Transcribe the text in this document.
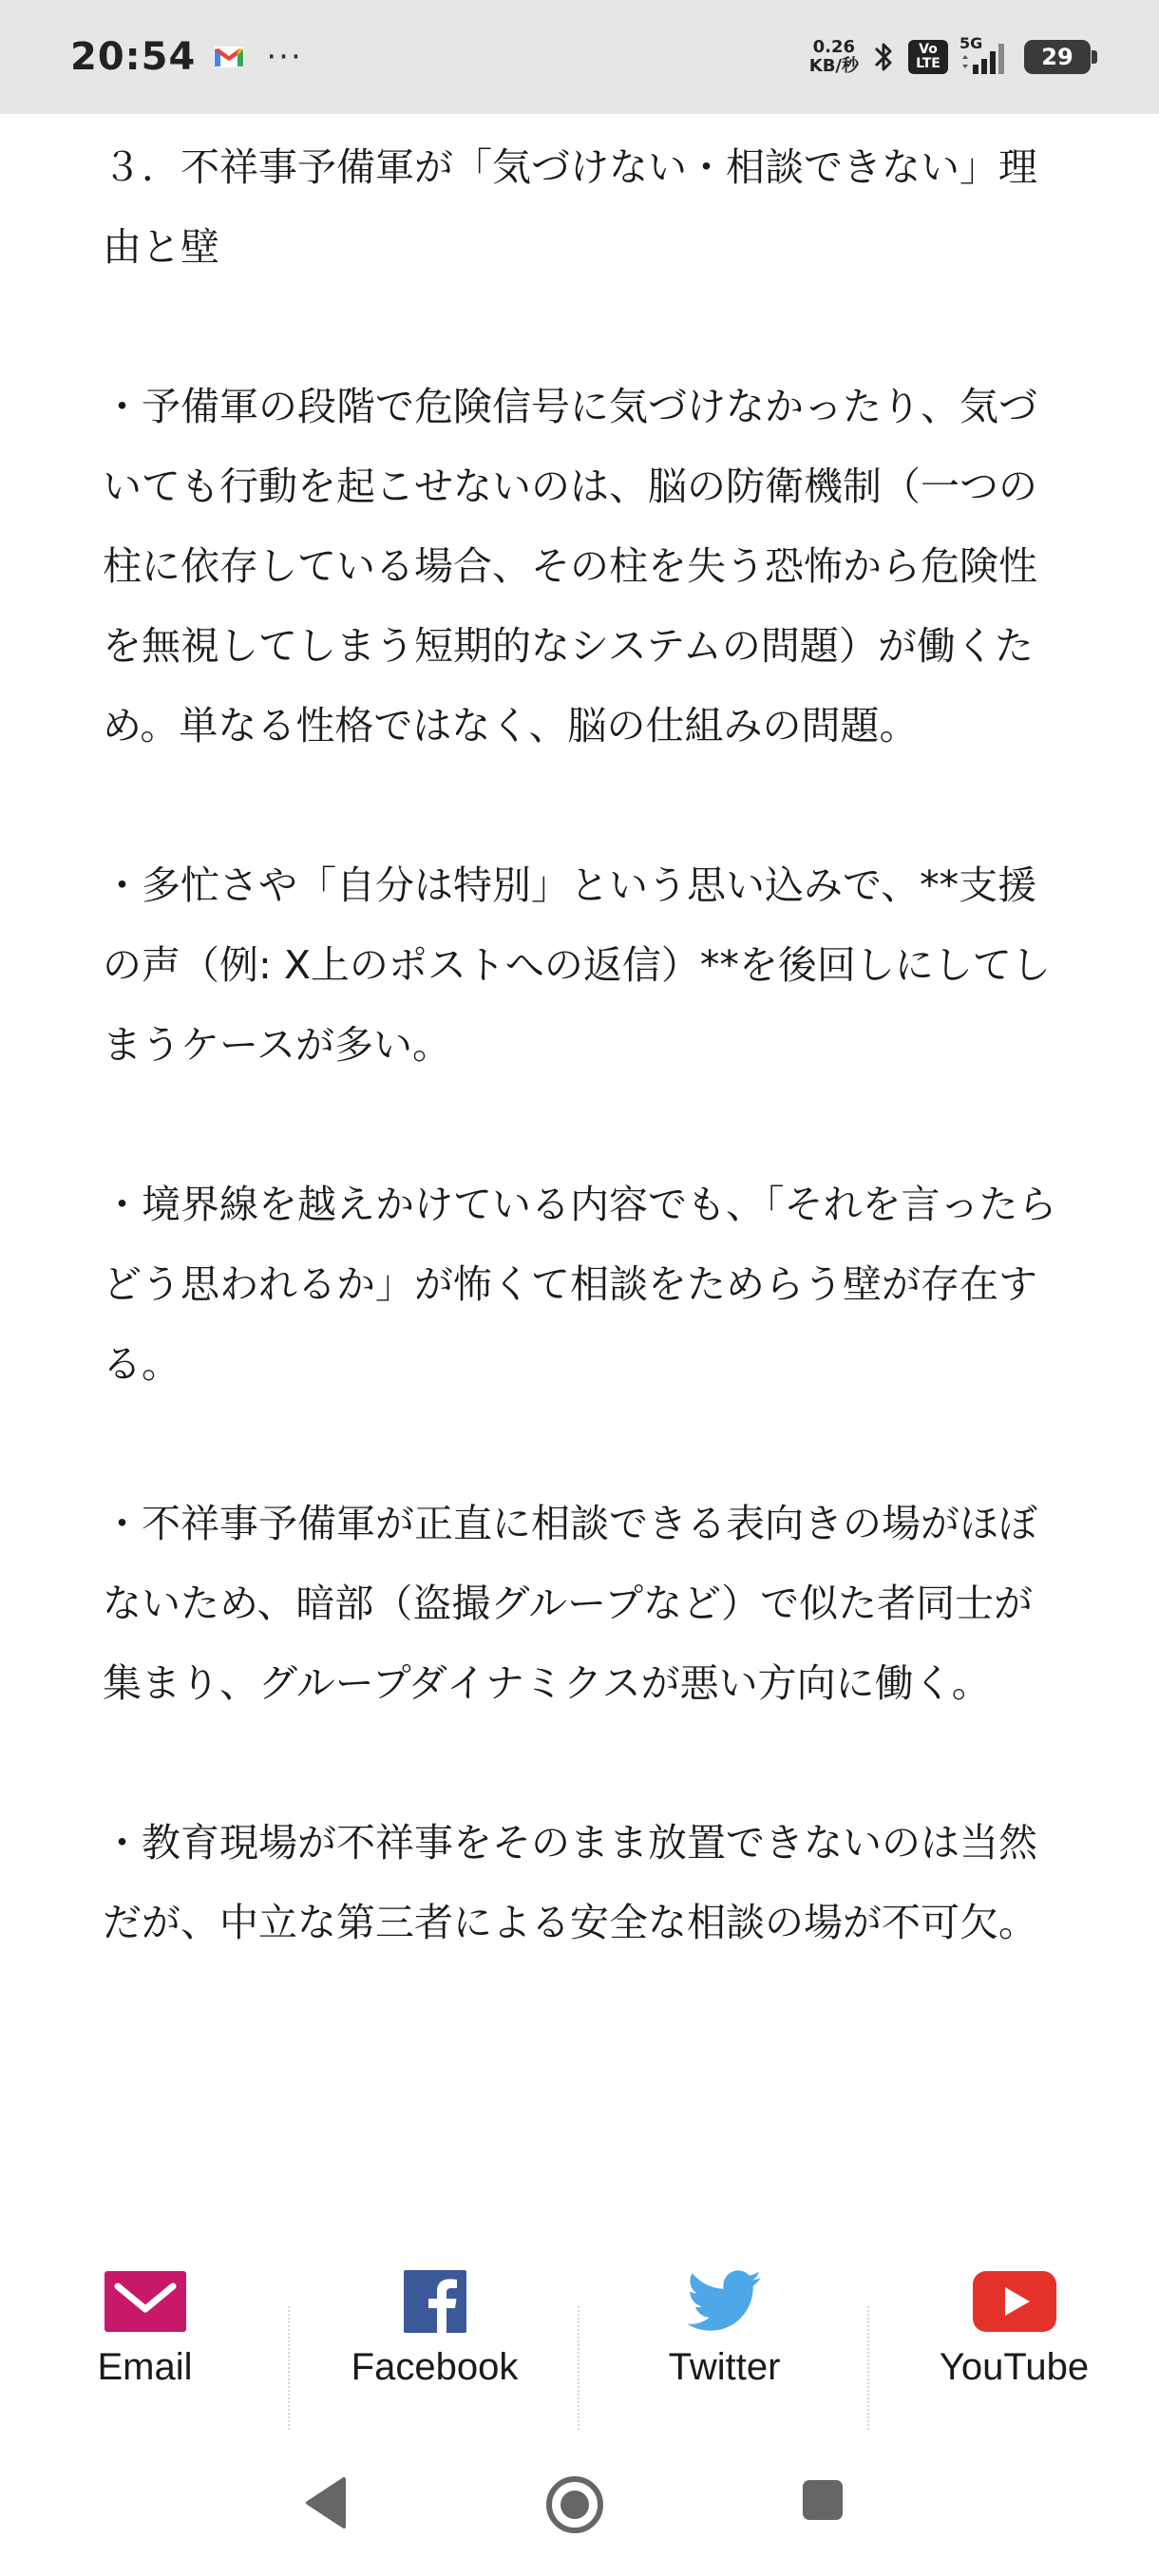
20:54 ···	0.26
KB/秒
Vo
LTE
5G
29

３．不祥事予備軍が「気づけない・相談できない」理由と壁

・予備軍の段階で危険信号に気づけなかったり、気づいても行動を起こせないのは、脳の防衛機制（一つの柱に依存している場合、その柱を失う恐怖から危険性を無視してしまう短期的なシステムの問題）が働くため。単なる性格ではなく、脳の仕組みの問題。

・多忙さや「自分は特別」という思い込みで、**支援の声（例: X上のポストへの返信）**を後回しにしてしまうケースが多い。

・境界線を越えかけている内容でも、「それを言ったらどう思われるか」が怖くて相談をためらう壁が存在する。

・不祥事予備軍が正直に相談できる表向きの場がほぼないため、暗部（盗撮グループなど）で似た者同士が集まり、グループダイナミクスが悪い方向に働く。

・教育現場が不祥事をそのまま放置できないのは当然だが、中立な第三者による安全な相談の場が不可欠。

Email	Facebook	Twitter	YouTube
